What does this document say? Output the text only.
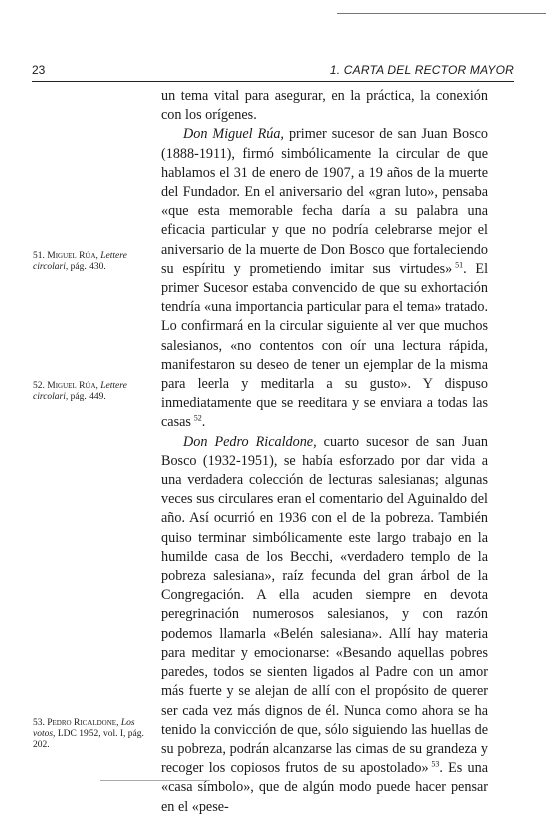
23	1. CARTA DEL RECTOR MAYOR

un tema vital para asegurar, en la práctica, la conexión con los orígenes.

Don Miguel Rúa, primer sucesor de san Juan Bosco (1888-1911), firmó simbólicamente la circular de que hablamos el 31 de enero de 1907, a 19 años de la muerte del Fundador. En el aniversario del «gran luto», pensaba «que esta memorable fecha daría a su palabra una eficacia particular y que no podría celebrarse mejor el aniversario de la muerte de Don Bosco que fortaleciendo su espíritu y prometiendo imitar sus virtudes»  $^{51}$. El primer Sucesor estaba convencido de que su exhortación tendría «una importancia particular para el tema» tratado. Lo confirmará en la circular siguiente al ver que muchos salesianos, «no contentos con oír una lectura rápida, manifestaron su deseo de tener un ejemplar de la misma para leerla y meditarla a su gusto». Y dispuso inmediatamente que se reeditara y se enviara a todas las casas  $^{52}$.

Don Pedro Ricaldone, cuarto sucesor de san Juan Bosco (1932-1951), se había esforzado por dar vida a una verdadera colección de lecturas salesianas; algunas veces sus circulares eran el comentario del Aguinaldo del año. Así ocurrió en 1936 con el de la pobreza. También quiso terminar simbólicamente este largo trabajo en la humilde casa de los Becchi, «verdadero templo de la pobreza salesiana», raíz fecunda del gran árbol de la Congregación. A ella acuden siempre en devota peregrinación numerosos salesianos, y con razón podemos llamarla «Belén salesiana». Allí hay materia para meditar y emocionarse: «Besando aquellas pobres paredes, todos se sienten ligados al Padre con un amor más fuerte y se alejan de allí con el propósito de querer ser cada vez más dignos de él. Nunca como ahora se ha tenido la convicción de que, sólo siguiendo las huellas de su pobreza, podrán alcanzarse las cimas de su grandeza y recoger los copiosos frutos de su apostolado»  $^{53}$. Es una «casa símbolo», que de algún modo puede hacer pensar en el «pese-

51. Miguel Rúa, Lettere circolari, pág. 430.
52. Miguel Rúa, Lettere circolari, pág. 449.
53. Pedro Ricaldone, Los votos, LDC 1952, vol. I, pág. 202.
